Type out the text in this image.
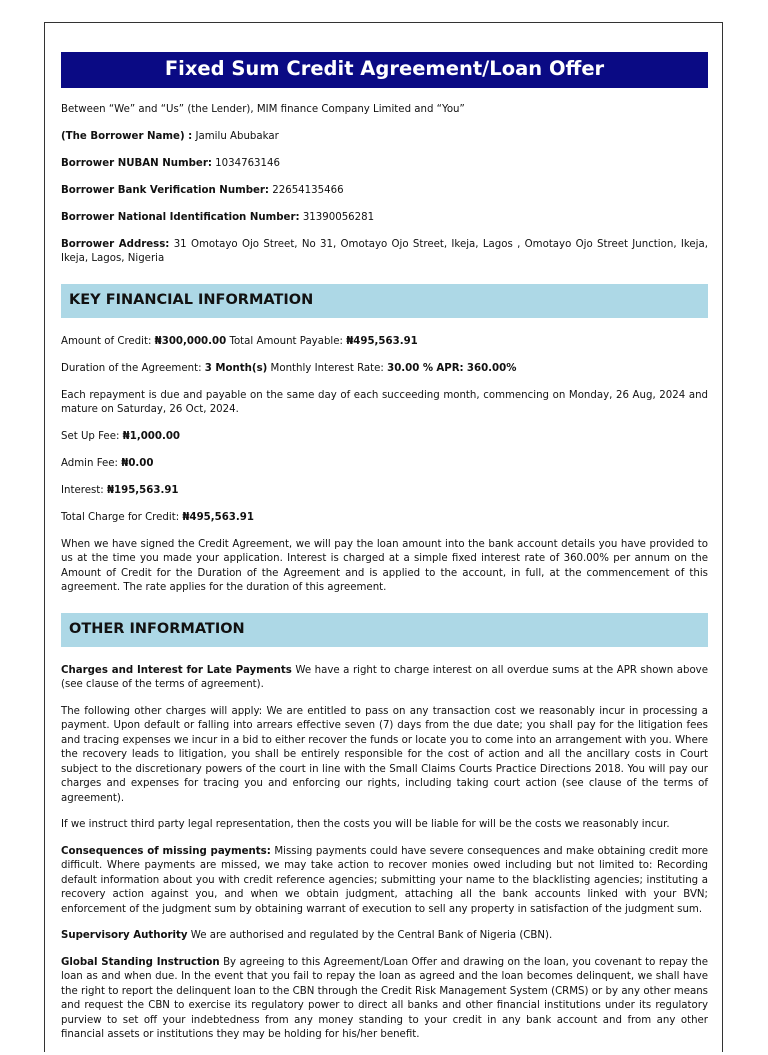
Fixed Sum Credit Agreement/Loan Offer

Between “We” and “Us” (the Lender), MIM finance Company Limited and “You”

(The Borrower Name) : Jamilu Abubakar

Borrower NUBAN Number: 1034763146

Borrower Bank Verification Number: 22654135466

Borrower National Identification Number: 31390056281

Borrower Address: 31 Omotayo Ojo Street, No 31, Omotayo Ojo Street, Ikeja, Lagos , Omotayo Ojo Street Junction, Ikeja, Ikeja, Lagos, Nigeria

KEY FINANCIAL INFORMATION

Amount of Credit: ₦300,000.00 Total Amount Payable: ₦495,563.91

Duration of the Agreement: 3 Month(s) Monthly Interest Rate: 30.00 % APR: 360.00%

Each repayment is due and payable on the same day of each succeeding month, commencing on Monday, 26 Aug, 2024 and mature on Saturday, 26 Oct, 2024.

Set Up Fee: ₦1,000.00

Admin Fee: ₦0.00

Interest: ₦195,563.91

Total Charge for Credit: ₦495,563.91

When we have signed the Credit Agreement, we will pay the loan amount into the bank account details you have provided to us at the time you made your application. Interest is charged at a simple fixed interest rate of 360.00% per annum on the Amount of Credit for the Duration of the Agreement and is applied to the account, in full, at the commencement of this agreement. The rate applies for the duration of this agreement.

OTHER INFORMATION

Charges and Interest for Late Payments We have a right to charge interest on all overdue sums at the APR shown above (see clause of the terms of agreement).

The following other charges will apply: We are entitled to pass on any transaction cost we reasonably incur in processing a payment. Upon default or falling into arrears effective seven (7) days from the due date; you shall pay for the litigation fees and tracing expenses we incur in a bid to either recover the funds or locate you to come into an arrangement with you. Where the recovery leads to litigation, you shall be entirely responsible for the cost of action and all the ancillary costs in Court subject to the discretionary powers of the court in line with the Small Claims Courts Practice Directions 2018. You will pay our charges and expenses for tracing you and enforcing our rights, including taking court action (see clause of the terms of agreement).

If we instruct third party legal representation, then the costs you will be liable for will be the costs we reasonably incur.

Consequences of missing payments: Missing payments could have severe consequences and make obtaining credit more difficult. Where payments are missed, we may take action to recover monies owed including but not limited to: Recording default information about you with credit reference agencies; submitting your name to the blacklisting agencies; instituting a recovery action against you, and when we obtain judgment, attaching all the bank accounts linked with your BVN; enforcement of the judgment sum by obtaining warrant of execution to sell any property in satisfaction of the judgment sum.

Supervisory Authority We are authorised and regulated by the Central Bank of Nigeria (CBN).

Global Standing Instruction By agreeing to this Agreement/Loan Offer and drawing on the loan, you covenant to repay the loan as and when due. In the event that you fail to repay the loan as agreed and the loan becomes delinquent, we shall have the right to report the delinquent loan to the CBN through the Credit Risk Management System (CRMS) or by any other means and request the CBN to exercise its regulatory power to direct all banks and other financial institutions under its regulatory purview to set off your indebtedness from any money standing to your credit in any bank account and from any other financial assets or institutions they may be holding for his/her benefit.
